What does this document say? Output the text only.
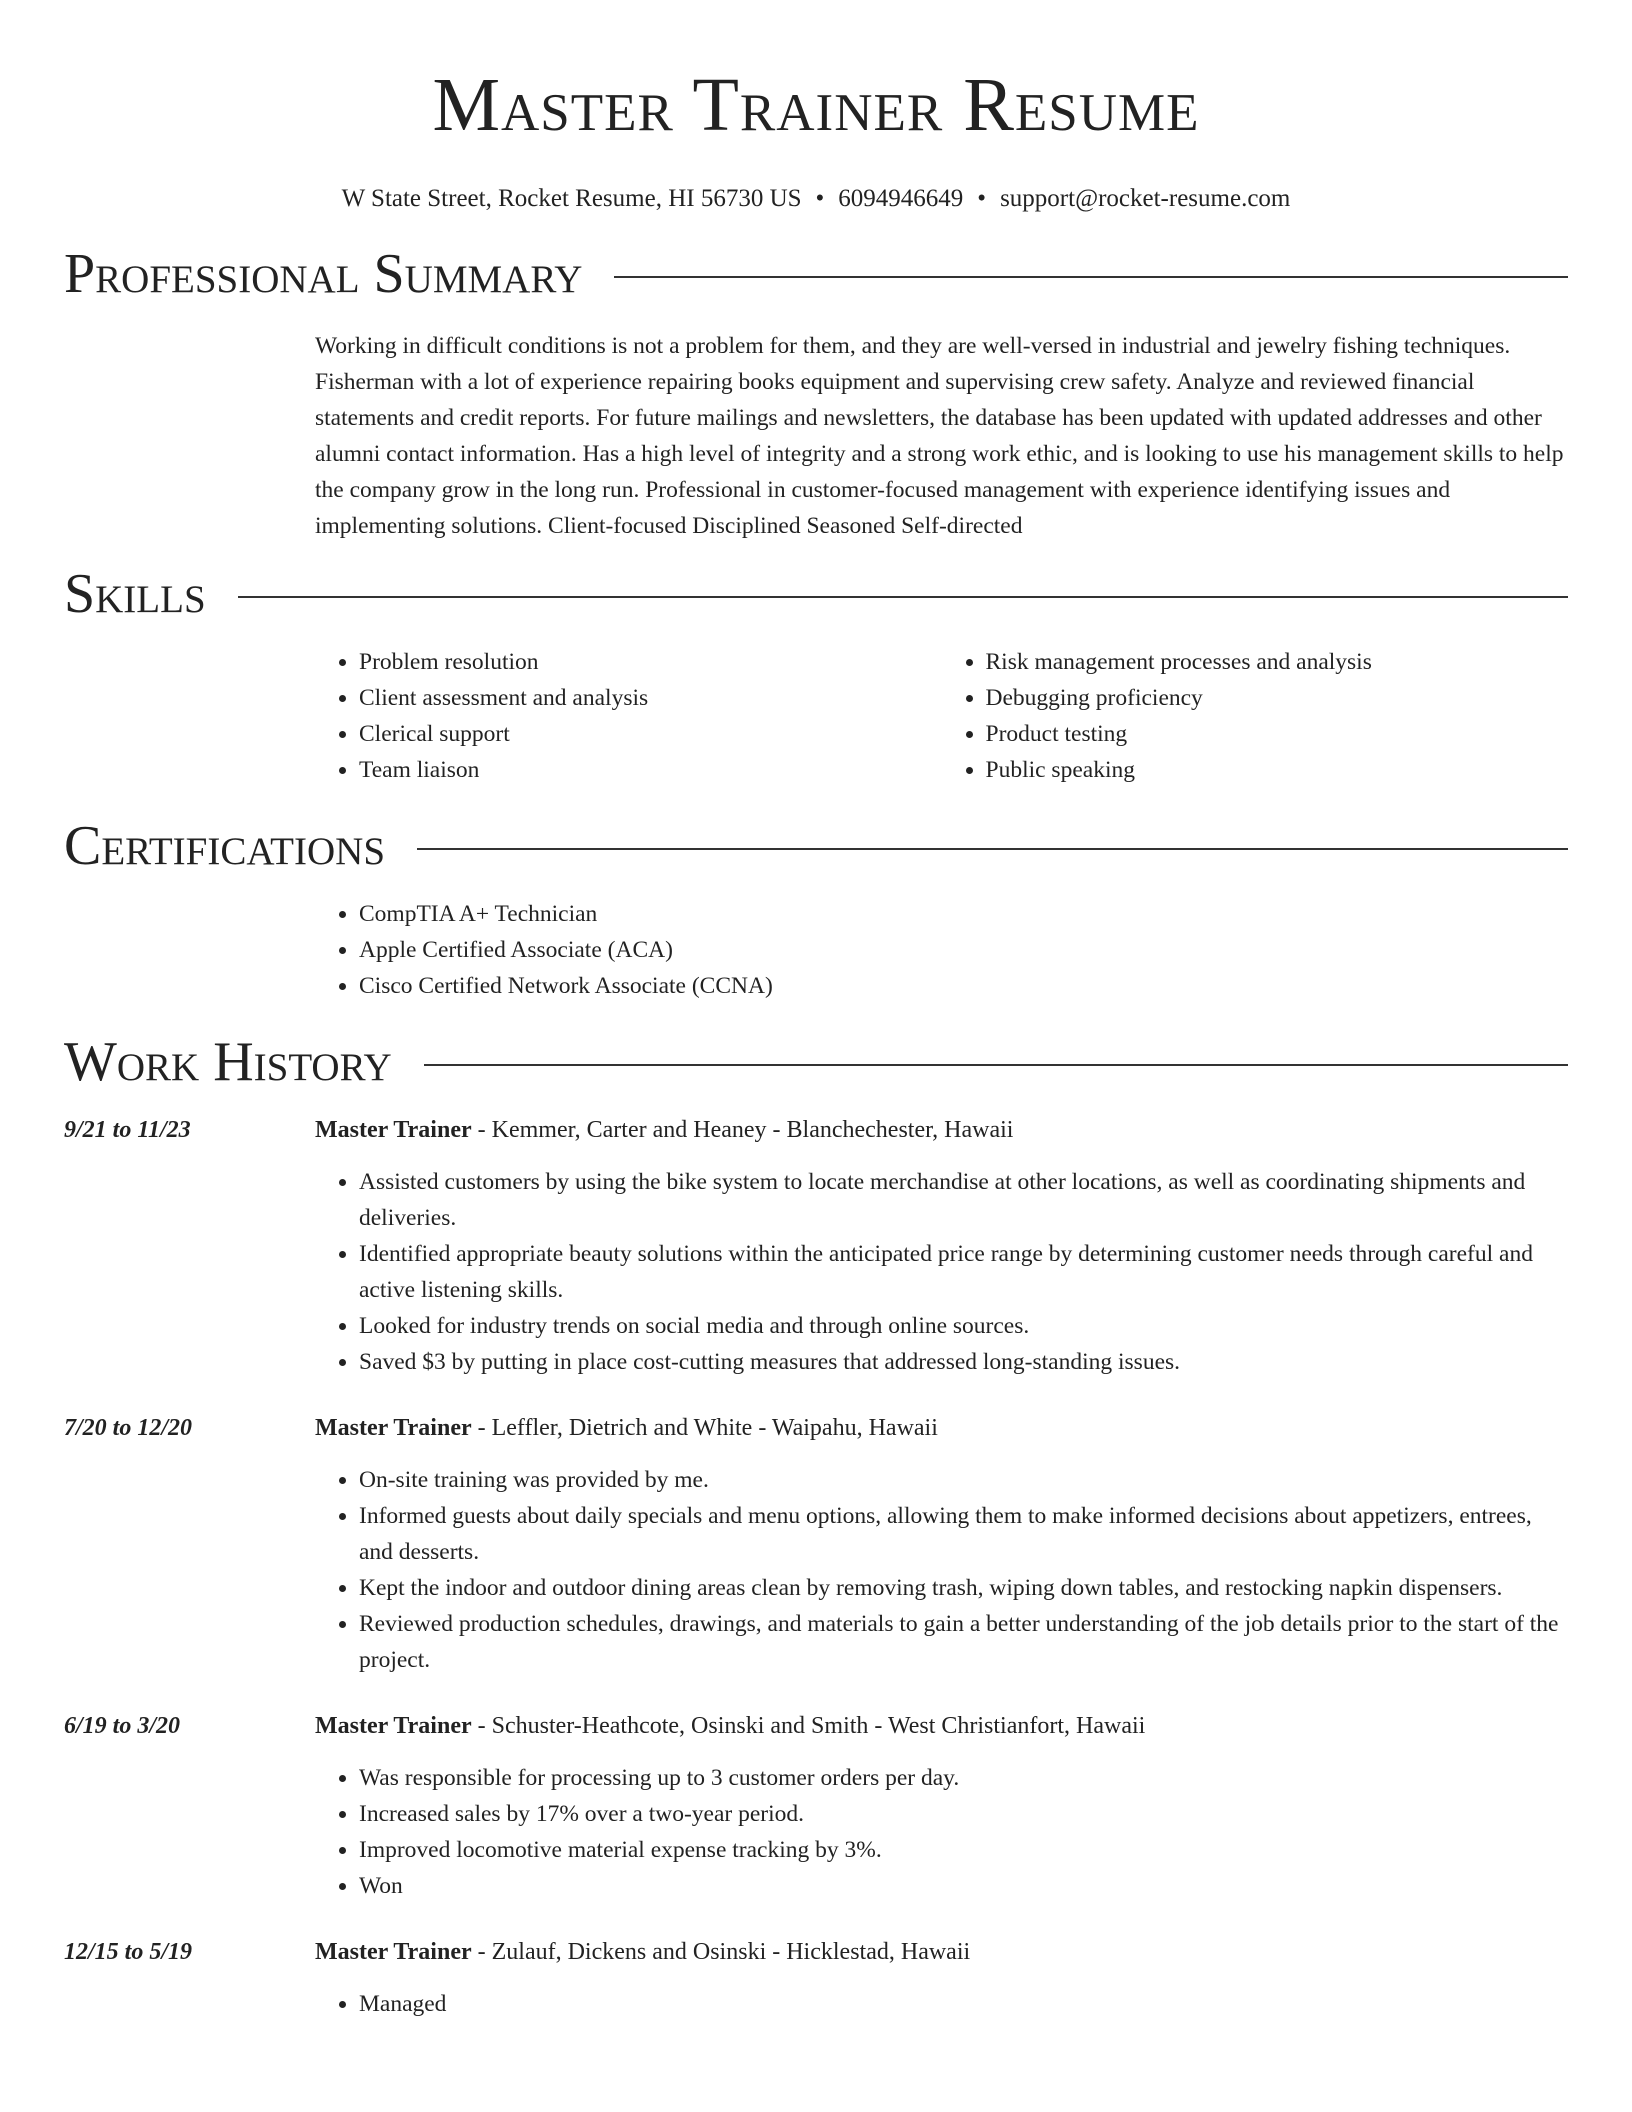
Master Trainer Resume
W State Street, Rocket Resume, HI 56730 US • 6094946649 • support@rocket-resume.com
Professional Summary
Working in difficult conditions is not a problem for them, and they are well-versed in industrial and jewelry fishing techniques. Fisherman with a lot of experience repairing books equipment and supervising crew safety. Analyze and reviewed financial statements and credit reports. For future mailings and newsletters, the database has been updated with updated addresses and other alumni contact information. Has a high level of integrity and a strong work ethic, and is looking to use his management skills to help the company grow in the long run. Professional in customer-focused management with experience identifying issues and implementing solutions. Client-focused Disciplined Seasoned Self-directed
Skills
• Problem resolution
• Client assessment and analysis
• Clerical support
• Team liaison
• Risk management processes and analysis
• Debugging proficiency
• Product testing
• Public speaking
Certifications
• CompTIA A+ Technician
• Apple Certified Associate (ACA)
• Cisco Certified Network Associate (CCNA)
Work History
9/21 to 11/23	Master Trainer - Kemmer, Carter and Heaney - Blanchechester, Hawaii
• Assisted customers by using the bike system to locate merchandise at other locations, as well as coordinating shipments and deliveries.
• Identified appropriate beauty solutions within the anticipated price range by determining customer needs through careful and active listening skills.
• Looked for industry trends on social media and through online sources.
• Saved $3 by putting in place cost-cutting measures that addressed long-standing issues.
7/20 to 12/20	Master Trainer - Leffler, Dietrich and White - Waipahu, Hawaii
• On-site training was provided by me.
• Informed guests about daily specials and menu options, allowing them to make informed decisions about appetizers, entrees, and desserts.
• Kept the indoor and outdoor dining areas clean by removing trash, wiping down tables, and restocking napkin dispensers.
• Reviewed production schedules, drawings, and materials to gain a better understanding of the job details prior to the start of the project.
6/19 to 3/20	Master Trainer - Schuster-Heathcote, Osinski and Smith - West Christianfort, Hawaii
• Was responsible for processing up to 3 customer orders per day.
• Increased sales by 17% over a two-year period.
• Improved locomotive material expense tracking by 3%.
• Won
12/15 to 5/19	Master Trainer - Zulauf, Dickens and Osinski - Hicklestad, Hawaii
• Managed
